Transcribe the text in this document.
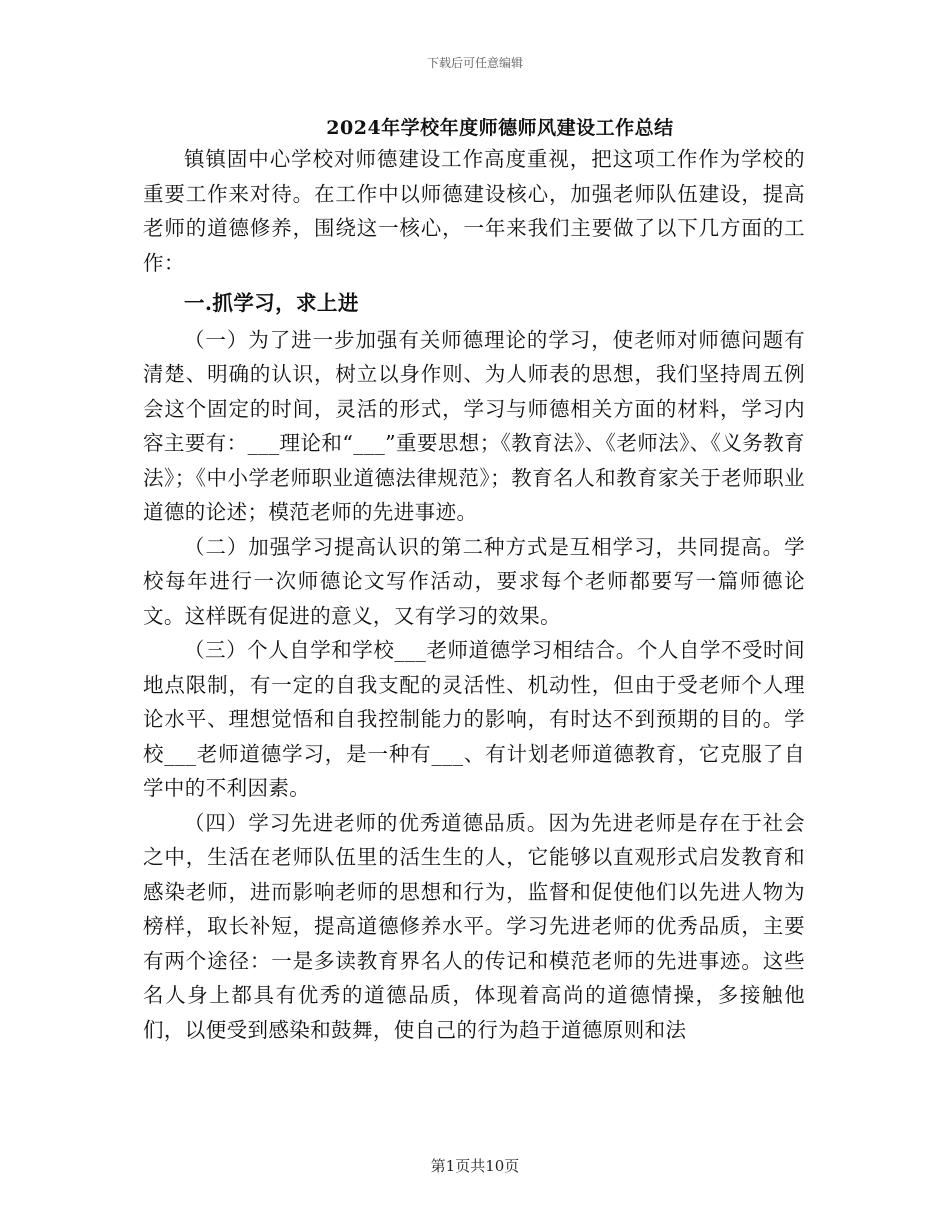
下载后可任意编辑
2024年学校年度师德师风建设工作总结

镇镇固中心学校对师德建设工作高度重视，把这项工作作为学校的重要工作来对待。在工作中以师德建设核心，加强老师队伍建设，提高老师的道德修养，围绕这一核心，一年来我们主要做了以下几方面的工作：

一.抓学习，求上进

（一）为了进一步加强有关师德理论的学习，使老师对师德问题有清楚、明确的认识，树立以身作则、为人师表的思想，我们坚持周五例会这个固定的时间，灵活的形式，学习与师德相关方面的材料，学习内容主要有：___理论和“___”重要思想；《教育法》、《老师法》、《义务教育法》；《中小学老师职业道德法律规范》；教育名人和教育家关于老师职业道德的论述；模范老师的先进事迹。

（二）加强学习提高认识的第二种方式是互相学习，共同提高。学校每年进行一次师德论文写作活动，要求每个老师都要写一篇师德论文。这样既有促进的意义，又有学习的效果。

（三）个人自学和学校___老师道德学习相结合。个人自学不受时间地点限制，有一定的自我支配的灵活性、机动性，但由于受老师个人理论水平、理想觉悟和自我控制能力的影响，有时达不到预期的目的。学校___老师道德学习，是一种有___、有计划老师道德教育，它克服了自学中的不利因素。

（四）学习先进老师的优秀道德品质。因为先进老师是存在于社会之中，生活在老师队伍里的活生生的人，它能够以直观形式启发教育和感染老师，进而影响老师的思想和行为，监督和促使他们以先进人物为榜样，取长补短，提高道德修养水平。学习先进老师的优秀品质，主要有两个途径：一是多读教育界名人的传记和模范老师的先进事迹。这些名人身上都具有优秀的道德品质，体现着高尚的道德情操，多接触他们，以便受到感染和鼓舞，使自己的行为趋于道德原则和法

第1页共10页
